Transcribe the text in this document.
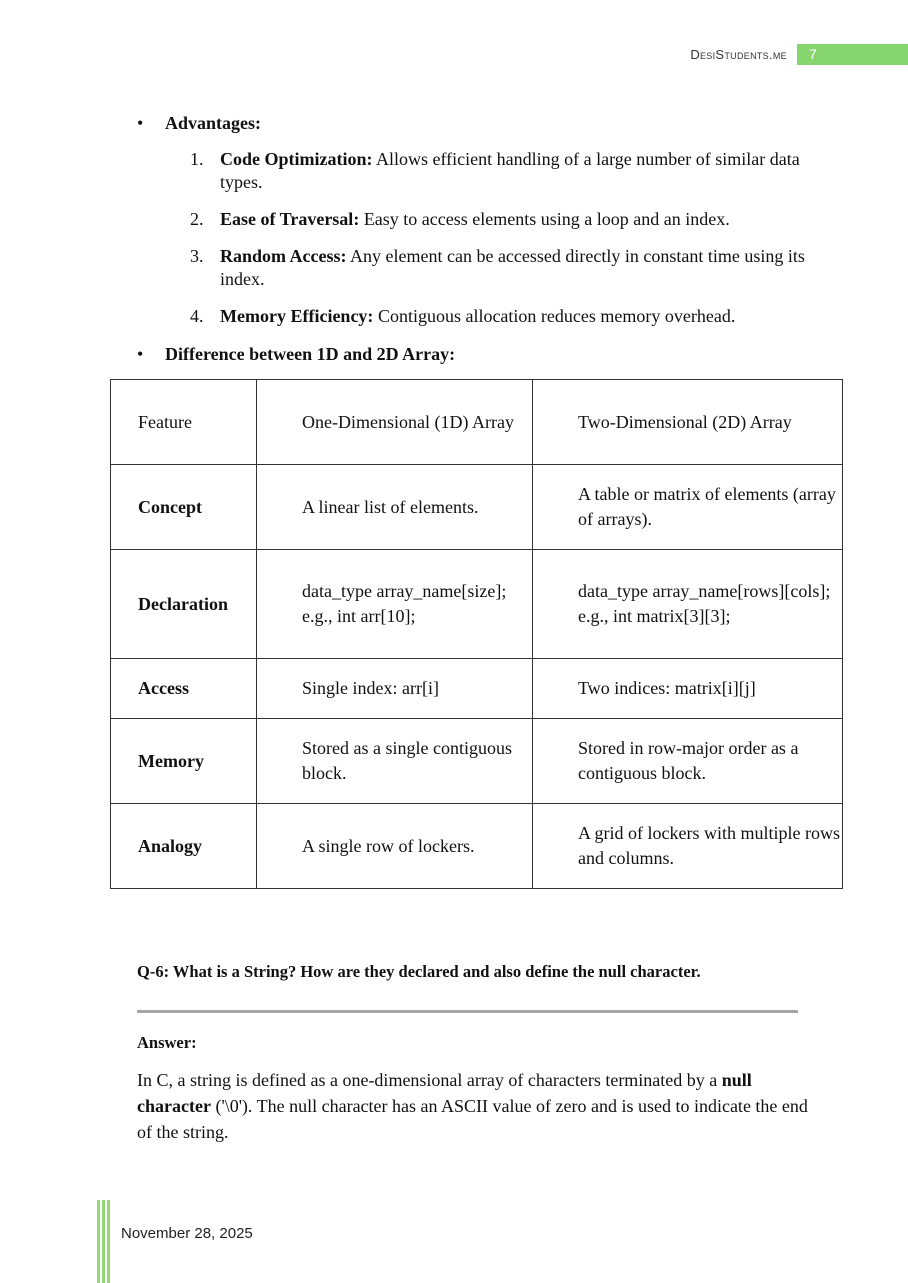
DesiStudents.me	7
• Advantages:
1. Code Optimization: Allows efficient handling of a large number of similar data types.
2. Ease of Traversal: Easy to access elements using a loop and an index.
3. Random Access: Any element can be accessed directly in constant time using its index.
4. Memory Efficiency: Contiguous allocation reduces memory overhead.
• Difference between 1D and 2D Array:
Feature	One-Dimensional (1D) Array	Two-Dimensional (2D) Array
Concept	A linear list of elements.	A table or matrix of elements (array of arrays).
Declaration	data_type array_name[size]; e.g., int arr[10];	data_type array_name[rows][cols]; e.g., int matrix[3][3];
Access	Single index: arr[i]	Two indices: matrix[i][j]
Memory	Stored as a single contiguous block.	Stored in row-major order as a contiguous block.
Analogy	A single row of lockers.	A grid of lockers with multiple rows and columns.
Q-6: What is a String? How are they declared and also define the null character.
Answer:
In C, a string is defined as a one-dimensional array of characters terminated by a null character ('\0'). The null character has an ASCII value of zero and is used to indicate the end of the string.
November 28, 2025
